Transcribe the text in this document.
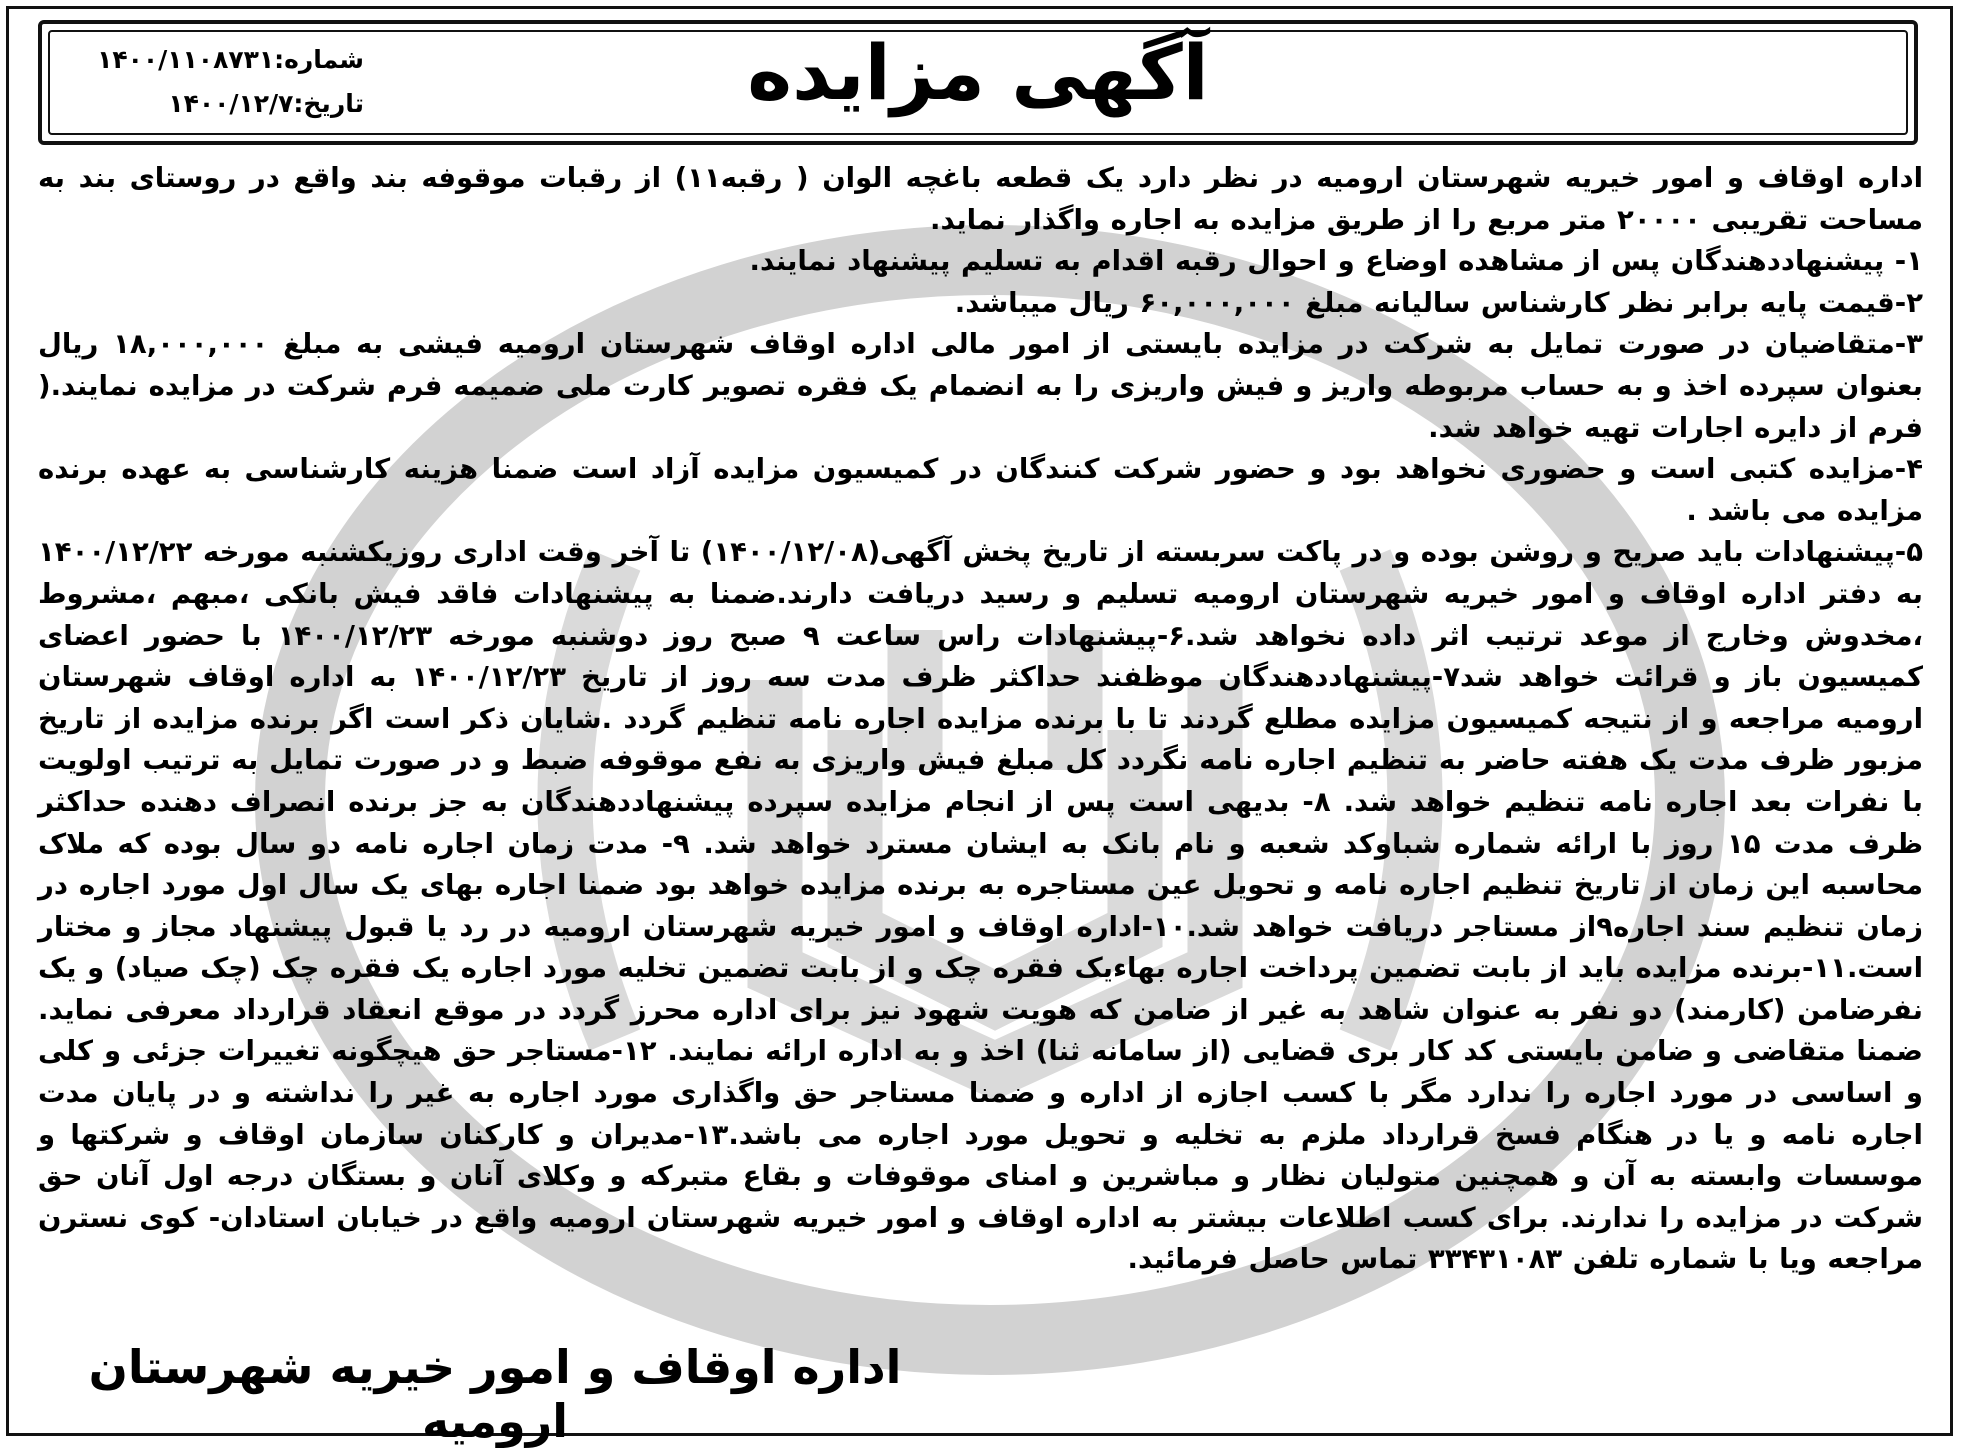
آگهی مزایده
شماره:۱۴۰۰/۱۱۰۸۷۳۱
تاریخ:۱۴۰۰/۱۲/۷

اداره اوقاف و امور خیریه شهرستان ارومیه در نظر دارد یک قطعه باغچه الوان ( رقبه۱۱) از رقبات موقوفه بند واقع در روستای بند به مساحت تقریبی ۲۰۰۰۰ متر مربع را از طریق مزایده به اجاره واگذار نماید.

۱- پیشنهاددهندگان پس از مشاهده اوضاع و احوال رقبه اقدام به تسلیم پیشنهاد نمایند.

۲-قیمت پایه برابر نظر کارشناس سالیانه مبلغ ۶۰,۰۰۰,۰۰۰ ریال میباشد.

۳-متقاضیان در صورت تمایل به شرکت در مزایده بایستی از امور مالی اداره اوقاف شهرستان ارومیه فیشی به مبلغ ۱۸,۰۰۰,۰۰۰ ریال بعنوان سپرده اخذ و به حساب مربوطه واریز و فیش واریزی را به انضمام یک فقره تصویر کارت ملی ضمیمه فرم شرکت در مزایده نمایند.( فرم از دایره اجارات تهیه خواهد شد.

۴-مزایده کتبی است و حضوری نخواهد بود و حضور شرکت کنندگان در کمیسیون مزایده آزاد است ضمنا هزینه کارشناسی به عهده برنده مزایده می باشد .

۵-پیشنهادات باید صریح و روشن بوده و در پاکت سربسته از تاریخ پخش آگهی(۱۴۰۰/۱۲/۰۸) تا آخر وقت اداری روزیکشنبه مورخه ۱۴۰۰/۱۲/۲۲ به دفتر اداره اوقاف و امور خیریه شهرستان ارومیه تسلیم و رسید دریافت دارند.ضمنا به پیشنهادات فاقد فیش بانکی ،مبهم ،مشروط ،مخدوش وخارج از موعد ترتیب اثر داده نخواهد شد.۶-پیشنهادات راس ساعت ۹ صبح روز دوشنبه مورخه ۱۴۰۰/۱۲/۲۳ با حضور اعضای کمیسیون باز و قرائت خواهد شد۷-پیشنهاددهندگان موظفند حداکثر ظرف مدت سه روز از تاریخ ۱۴۰۰/۱۲/۲۳ به اداره اوقاف شهرستان ارومیه مراجعه و از نتیجه کمیسیون مزایده مطلع گردند تا با برنده مزایده اجاره نامه تنظیم گردد .شایان ذکر است اگر برنده مزایده از تاریخ مزبور ظرف مدت یک هفته حاضر به تنظیم اجاره نامه نگردد کل مبلغ فیش واریزی به نفع موقوفه ضبط و در صورت تمایل به ترتیب اولویت با نفرات بعد اجاره نامه تنظیم خواهد شد. ۸- بدیهی است پس از انجام مزایده سپرده پیشنهاددهندگان به جز برنده انصراف دهنده حداکثر ظرف مدت ۱۵ روز با ارائه شماره شباوکد شعبه و نام بانک به ایشان مسترد خواهد شد. ۹- مدت زمان اجاره نامه دو سال بوده که ملاک محاسبه این زمان از تاریخ تنظیم اجاره نامه و تحویل عین مستاجره به برنده مزایده خواهد بود ضمنا اجاره بهای یک سال اول مورد اجاره در زمان تنظیم سند اجاره۹از مستاجر دریافت خواهد شد.۱۰-اداره اوقاف و امور خیریه شهرستان ارومیه در رد یا قبول پیشنهاد مجاز و مختار است.۱۱-برنده مزایده باید از بابت تضمین پرداخت اجاره بهاءیک فقره چک و از بابت تضمین تخلیه مورد اجاره یک فقره چک (چک صیاد) و یک نفرضامن (کارمند) دو نفر به عنوان شاهد به غیر از ضامن که هویت شهود نیز برای اداره محرز گردد در موقع انعقاد قرارداد معرفی نماید. ضمنا متقاضی و ضامن بایستی کد کار بری قضایی (از سامانه ثنا) اخذ و به اداره ارائه نمایند. ۱۲-مستاجر حق هیچگونه تغییرات جزئی و کلی و اساسی در مورد اجاره را ندارد مگر با کسب اجازه از اداره و ضمنا مستاجر حق واگذاری مورد اجاره به غیر را نداشته و در پایان مدت اجاره نامه و یا در هنگام فسخ قرارداد ملزم به تخلیه و تحویل مورد اجاره می باشد.۱۳-مدیران و کارکنان سازمان اوقاف و شرکتها و موسسات وابسته به آن و همچنین متولیان نظار و مباشرین و امنای موقوفات و بقاع متبرکه و وکلای آنان و بستگان درجه اول آنان حق شرکت در مزایده را ندارند. برای کسب اطلاعات بیشتر به اداره اوقاف و امور خیریه شهرستان ارومیه واقع در خیابان استادان- کوی نسترن مراجعه ویا با شماره تلفن ۳۳۴۳۱۰۸۳ تماس حاصل فرمائید.

اداره اوقاف و امور خیریه شهرستان ارومیه
